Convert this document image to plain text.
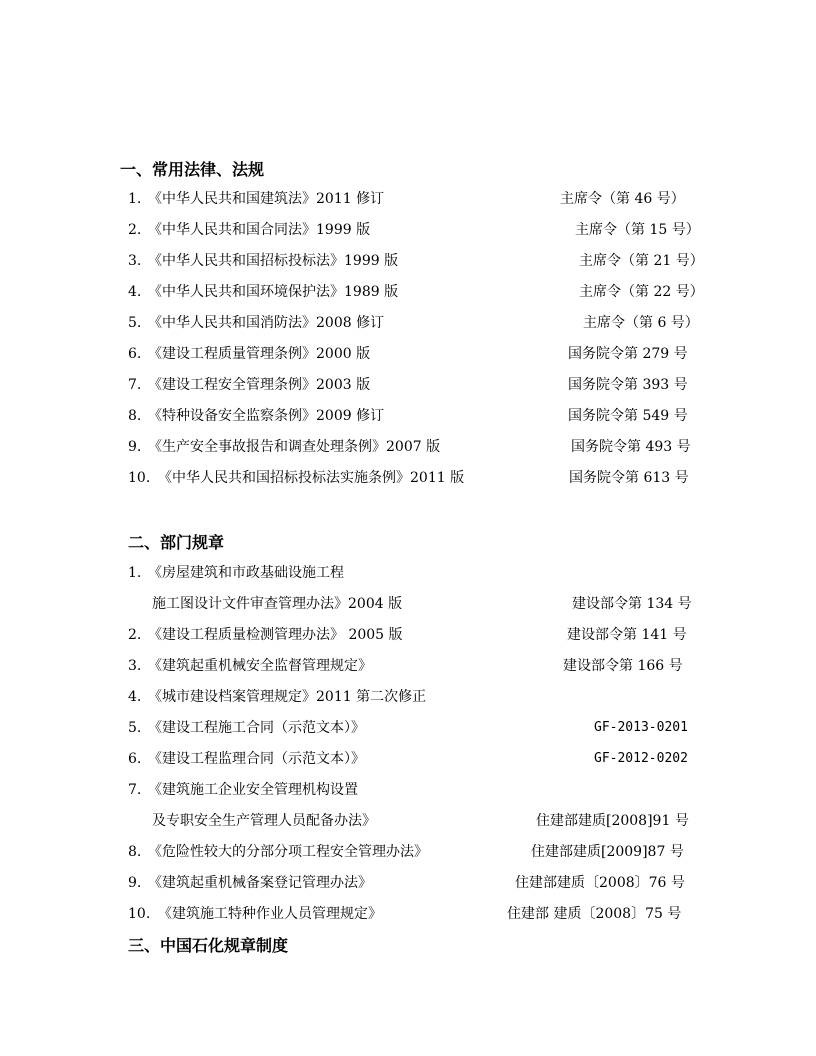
一、常用法律、法规
1. 《中华人民共和国建筑法》2011 修订	主席令（第 46 号）
2. 《中华人民共和国合同法》1999 版	主席令（第 15 号）
3. 《中华人民共和国招标投标法》1999 版	主席令（第 21 号）
4. 《中华人民共和国环境保护法》1989 版	主席令（第 22 号）
5. 《中华人民共和国消防法》2008 修订	主席令（第 6 号）
6. 《建设工程质量管理条例》2000 版	国务院令第 279 号
7. 《建设工程安全管理条例》2003 版	国务院令第 393 号
8. 《特种设备安全监察条例》2009 修订	国务院令第 549 号
9. 《生产安全事故报告和调查处理条例》2007 版	国务院令第 493 号
10. 《中华人民共和国招标投标法实施条例》2011 版	国务院令第 613 号
二、部门规章
1. 《房屋建筑和市政基础设施工程
施工图设计文件审查管理办法》2004 版	建设部令第 134 号
2. 《建设工程质量检测管理办法》 2005 版	建设部令第 141 号
3. 《建筑起重机械安全监督管理规定》	建设部令第 166 号
4. 《城市建设档案管理规定》2011 第二次修正
5. 《建设工程施工合同（示范文本）》	GF-2013-0201
6. 《建设工程监理合同（示范文本）》	GF-2012-0202
7. 《建筑施工企业安全管理机构设置
及专职安全生产管理人员配备办法》	住建部建质[2008]91 号
8. 《危险性较大的分部分项工程安全管理办法》	住建部建质[2009]87 号
9. 《建筑起重机械备案登记管理办法》	住建部建质〔2008〕76 号
10. 《建筑施工特种作业人员管理规定》	住建部 建质〔2008〕75 号
三、中国石化规章制度
